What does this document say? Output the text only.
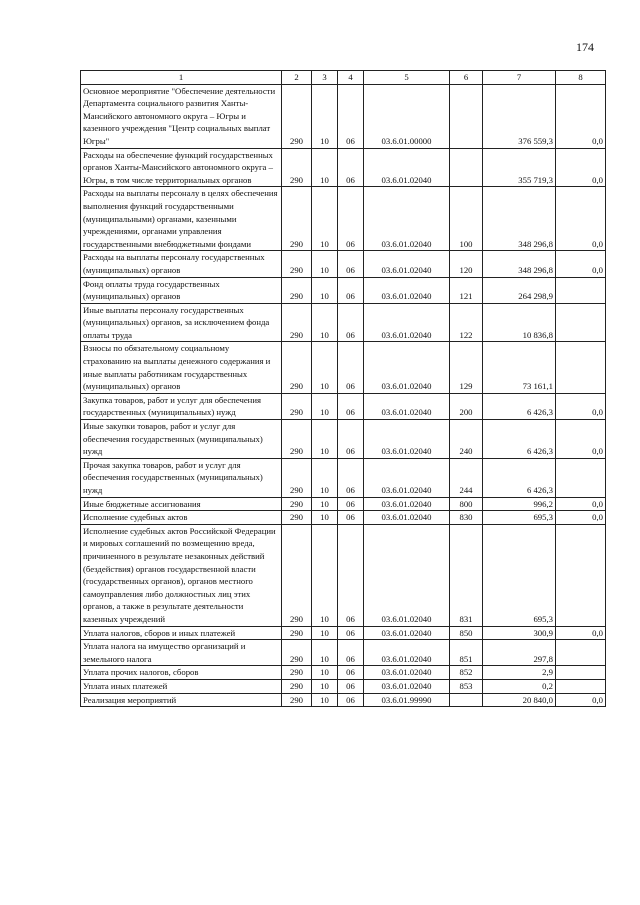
174
1	2	3	4	5	6	7	8
Основное мероприятие "Обеспечение деятельности Департамента социального развития Ханты-Мансийского автономного округа – Югры и казенного учреждения "Центр социальных выплат Югры"	290	10	06	03.6.01.00000		376 559,3	0,0
Расходы на обеспечение функций государственных органов Ханты-Мансийского автономного округа – Югры, в том числе территориальных органов	290	10	06	03.6.01.02040		355 719,3	0,0
Расходы на выплаты персоналу в целях обеспечения выполнения функций государственными (муниципальными) органами, казенными учреждениями, органами управления государственными внебюджетными фондами	290	10	06	03.6.01.02040	100	348 296,8	0,0
Расходы на выплаты персоналу государственных (муниципальных) органов	290	10	06	03.6.01.02040	120	348 296,8	0,0
Фонд оплаты труда государственных (муниципальных) органов	290	10	06	03.6.01.02040	121	264 298,9	
Иные выплаты персоналу государственных (муниципальных) органов, за исключением фонда оплаты труда	290	10	06	03.6.01.02040	122	10 836,8	
Взносы по обязательному социальному страхованию на выплаты денежного содержания и иные выплаты работникам государственных (муниципальных) органов	290	10	06	03.6.01.02040	129	73 161,1	
Закупка товаров, работ и услуг для обеспечения государственных (муниципальных) нужд	290	10	06	03.6.01.02040	200	6 426,3	0,0
Иные закупки товаров, работ и услуг для обеспечения государственных (муниципальных) нужд	290	10	06	03.6.01.02040	240	6 426,3	0,0
Прочая закупка товаров, работ и услуг для обеспечения государственных (муниципальных) нужд	290	10	06	03.6.01.02040	244	6 426,3	
Иные бюджетные ассигнования	290	10	06	03.6.01.02040	800	996,2	0,0
Исполнение судебных актов	290	10	06	03.6.01.02040	830	695,3	0,0
Исполнение судебных актов Российской Федерации и мировых соглашений по возмещению вреда, причиненного в результате незаконных действий (бездействия) органов государственной власти (государственных органов), органов местного самоуправления либо должностных лиц этих органов, а также в результате деятельности казенных учреждений	290	10	06	03.6.01.02040	831	695,3	
Уплата налогов, сборов и иных платежей	290	10	06	03.6.01.02040	850	300,9	0,0
Уплата налога на имущество организаций и земельного налога	290	10	06	03.6.01.02040	851	297,8	
Уплата прочих налогов, сборов	290	10	06	03.6.01.02040	852	2,9	
Уплата иных платежей	290	10	06	03.6.01.02040	853	0,2	
Реализация мероприятий	290	10	06	03.6.01.99990		20 840,0	0,0
